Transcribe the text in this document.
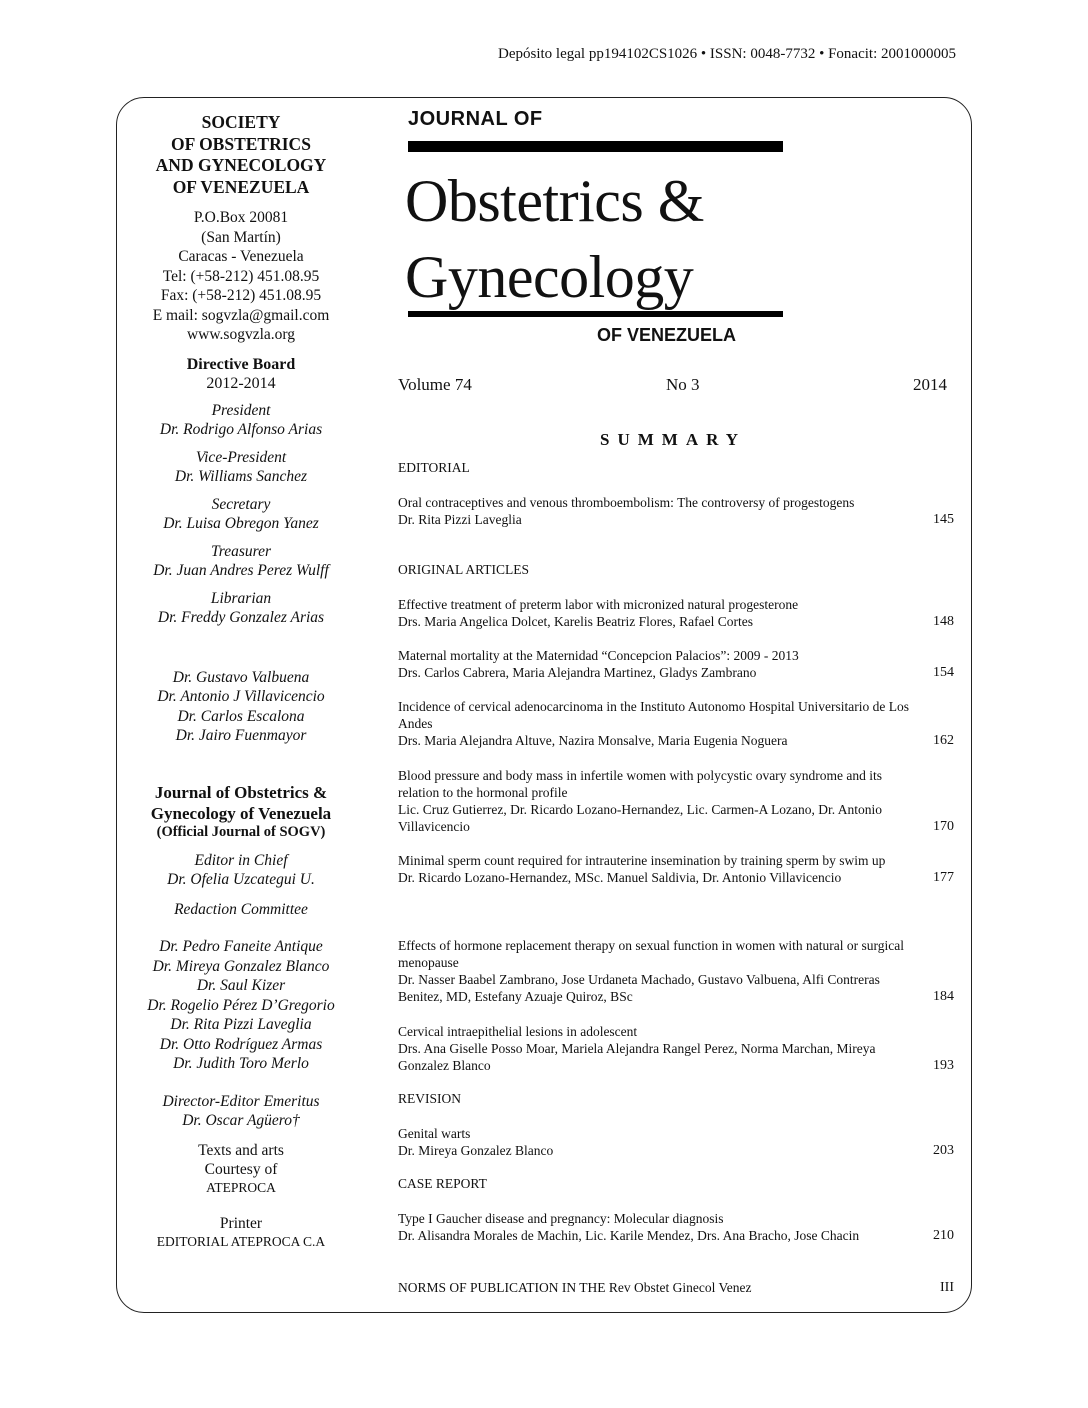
Depósito legal pp194102CS1026 • ISSN: 0048-7732 • Fonacit: 2001000005
SOCIETY
OF OBSTETRICS
AND GYNECOLOGY
OF VENEZUELA
P.O.Box 20081
(San Martín)
Caracas - Venezuela
Tel: (+58-212) 451.08.95
Fax: (+58-212) 451.08.95
E mail: sogvzla@gmail.com
www.sogvzla.org
Directive Board
2012-2014
President
Dr. Rodrigo Alfonso Arias
Vice-President
Dr. Williams Sanchez
Secretary
Dr. Luisa Obregon Yanez
Treasurer
Dr. Juan Andres Perez Wulff
Librarian
Dr. Freddy Gonzalez Arias
Dr. Gustavo Valbuena
Dr. Antonio J Villavicencio
Dr. Carlos Escalona
Dr. Jairo Fuenmayor
Journal of Obstetrics &
Gynecology of Venezuela
(Official Journal of SOGV)
Editor in Chief
Dr. Ofelia Uzcategui U.
Redaction Committee
Dr. Pedro Faneite Antique
Dr. Mireya Gonzalez Blanco
Dr. Saul Kizer
Dr. Rogelio Pérez D’Gregorio
Dr. Rita Pizzi Laveglia
Dr. Otto Rodríguez Armas
Dr. Judith Toro Merlo
Director-Editor Emeritus
Dr. Oscar Agüero†
Texts and arts
Courtesy of
ATEPROCA
Printer
EDITORIAL ATEPROCA C.A
JOURNAL OF
Obstetrics &
Gynecology
OF VENEZUELA
Volume 74	No 3	2014
SUMMARY
EDITORIAL
Oral contraceptives and venous thromboembolism: The controversy of progestogens
Dr. Rita Pizzi Laveglia	145
ORIGINAL ARTICLES
Effective treatment of preterm labor with micronized natural progesterone
Drs. Maria Angelica Dolcet, Karelis Beatriz Flores, Rafael Cortes	148
Maternal mortality at the Maternidad “Concepcion Palacios”: 2009 - 2013
Drs. Carlos Cabrera, Maria Alejandra Martinez, Gladys Zambrano	154
Incidence of cervical adenocarcinoma in the Instituto Autonomo Hospital Universitario de Los Andes
Drs. Maria Alejandra Altuve, Nazira Monsalve, Maria Eugenia Noguera	162
Blood pressure and body mass in infertile women with polycystic ovary syndrome and its relation to the hormonal profile
Lic. Cruz Gutierrez, Dr. Ricardo Lozano-Hernandez, Lic. Carmen-A Lozano, Dr. Antonio Villavicencio	170
Minimal sperm count required for intrauterine insemination by training sperm by swim up
Dr. Ricardo Lozano-Hernandez, MSc. Manuel Saldivia, Dr. Antonio Villavicencio	177
Effects of hormone replacement therapy on sexual function in women with natural or surgical menopause
Dr. Nasser Baabel Zambrano, Jose Urdaneta Machado, Gustavo Valbuena, Alfi Contreras Benitez, MD, Estefany Azuaje Quiroz, BSc	184
Cervical intraepithelial lesions in adolescent
Drs. Ana Giselle Posso Moar, Mariela Alejandra Rangel Perez, Norma Marchan, Mireya Gonzalez Blanco	193
REVISION
Genital warts
Dr. Mireya Gonzalez Blanco	203
CASE REPORT
Type I Gaucher disease and pregnancy: Molecular diagnosis
Dr. Alisandra Morales de Machin, Lic. Karile Mendez, Drs. Ana Bracho, Jose Chacin	210
NORMS OF PUBLICATION IN THE Rev Obstet Ginecol Venez	III
